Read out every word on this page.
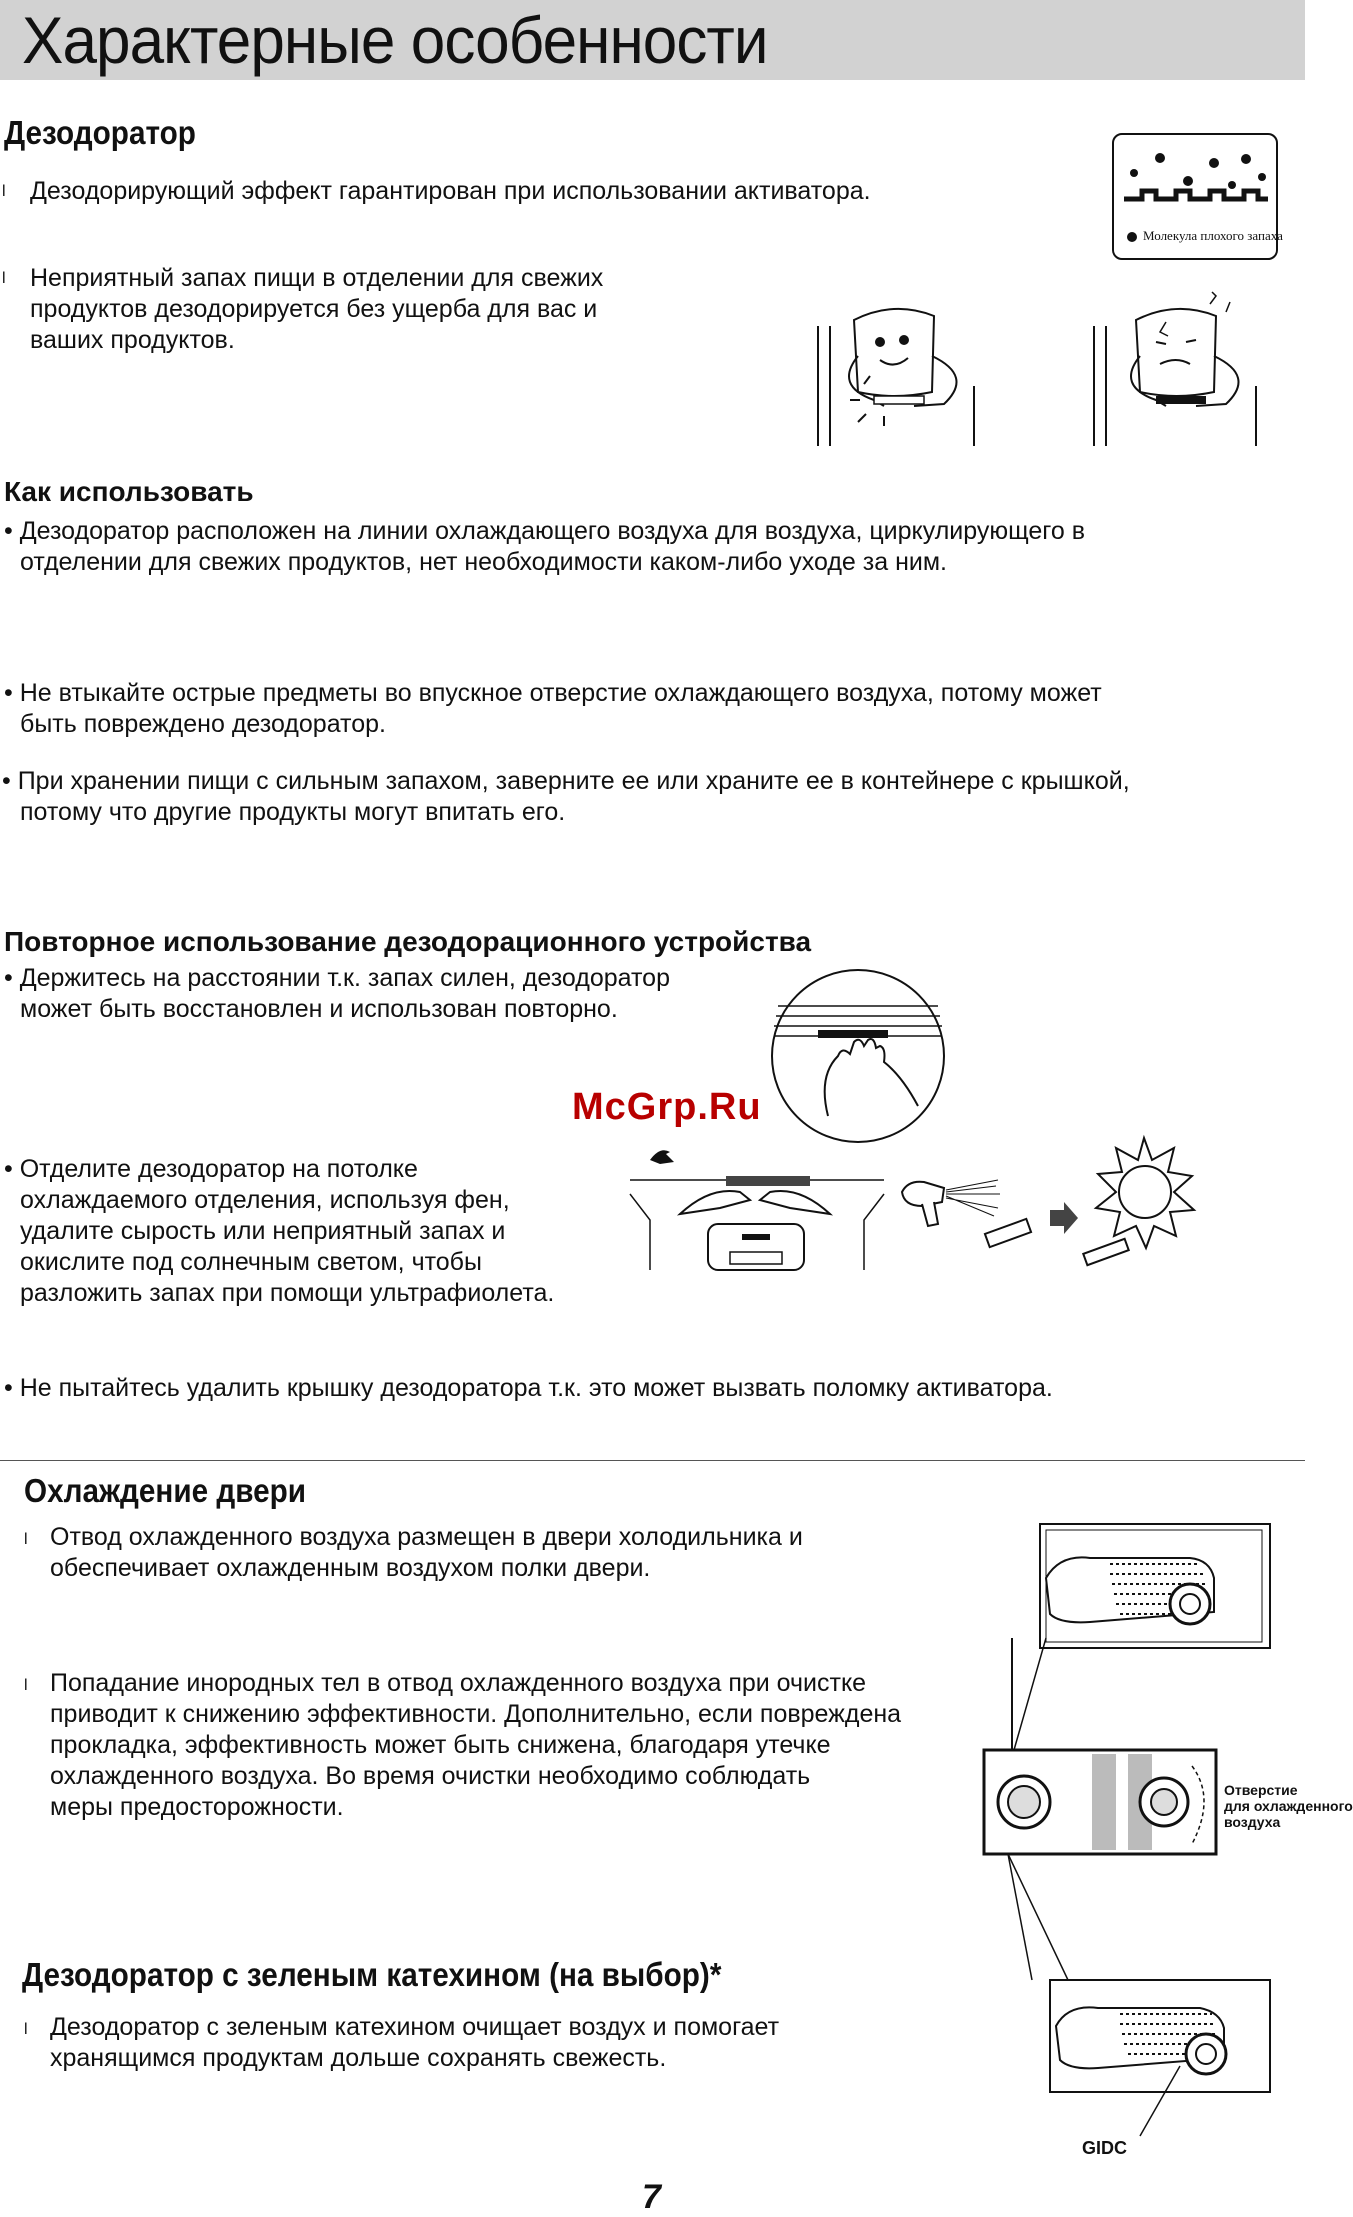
Характерные особенности
Дезодоратор
l Дезодорирующий эффект гарантирован при использовании активатора.
l Неприятный запах пищи в отделении для свежих
продуктов дезодорируется без ущерба для вас и
ваших продуктов.
Молекула плохого запаха
Как использовать
• Дезодоратор расположен на линии охлаждающего воздуха для воздуха, циркулирующего в
отделении для свежих продуктов, нет необходимости каком-либо уходе за ним.
• Не втыкайте острые предметы во впускное отверстие охлаждающего воздуха, потому может
быть повреждено дезодоратор.
• При хранении пищи с сильным запахом, заверните ее или храните ее в контейнере с крышкой,
потому что другие продукты могут впитать его.
Повторное использование дезодорационного устройства
• Держитесь на расстоянии т.к. запах силен, дезодоратор
может быть восстановлен и использован повторно.
• Отделите дезодоратор на потолке
охлаждаемого отделения, используя фен,
удалите сырость или неприятный запах и
окислите под солнечным светом, чтобы
разложить запах при помощи ультрафиолета.
• Не пытайтесь удалить крышку дезодоратора т.к. это может вызвать поломку активатора.
McGrp.Ru
Охлаждение двери
l Отвод охлажденного воздуха размещен в двери холодильника и
обеспечивает охлажденным воздухом полки двери.
l Попадание инородных тел в отвод охлажденного воздуха при очистке
приводит к снижению эффективности. Дополнительно, если повреждена
прокладка, эффективность может быть снижена, благодаря утечке
охлажденного воздуха. Во время очистки необходимо соблюдать
меры предосторожности.
Отверстие
для охлажденного
воздуха
Дезодоратор с зеленым катехином (на выбор)*
l Дезодоратор с зеленым катехином очищает воздух и помогает
хранящимся продуктам дольше сохранять свежесть.
GIDC
7
